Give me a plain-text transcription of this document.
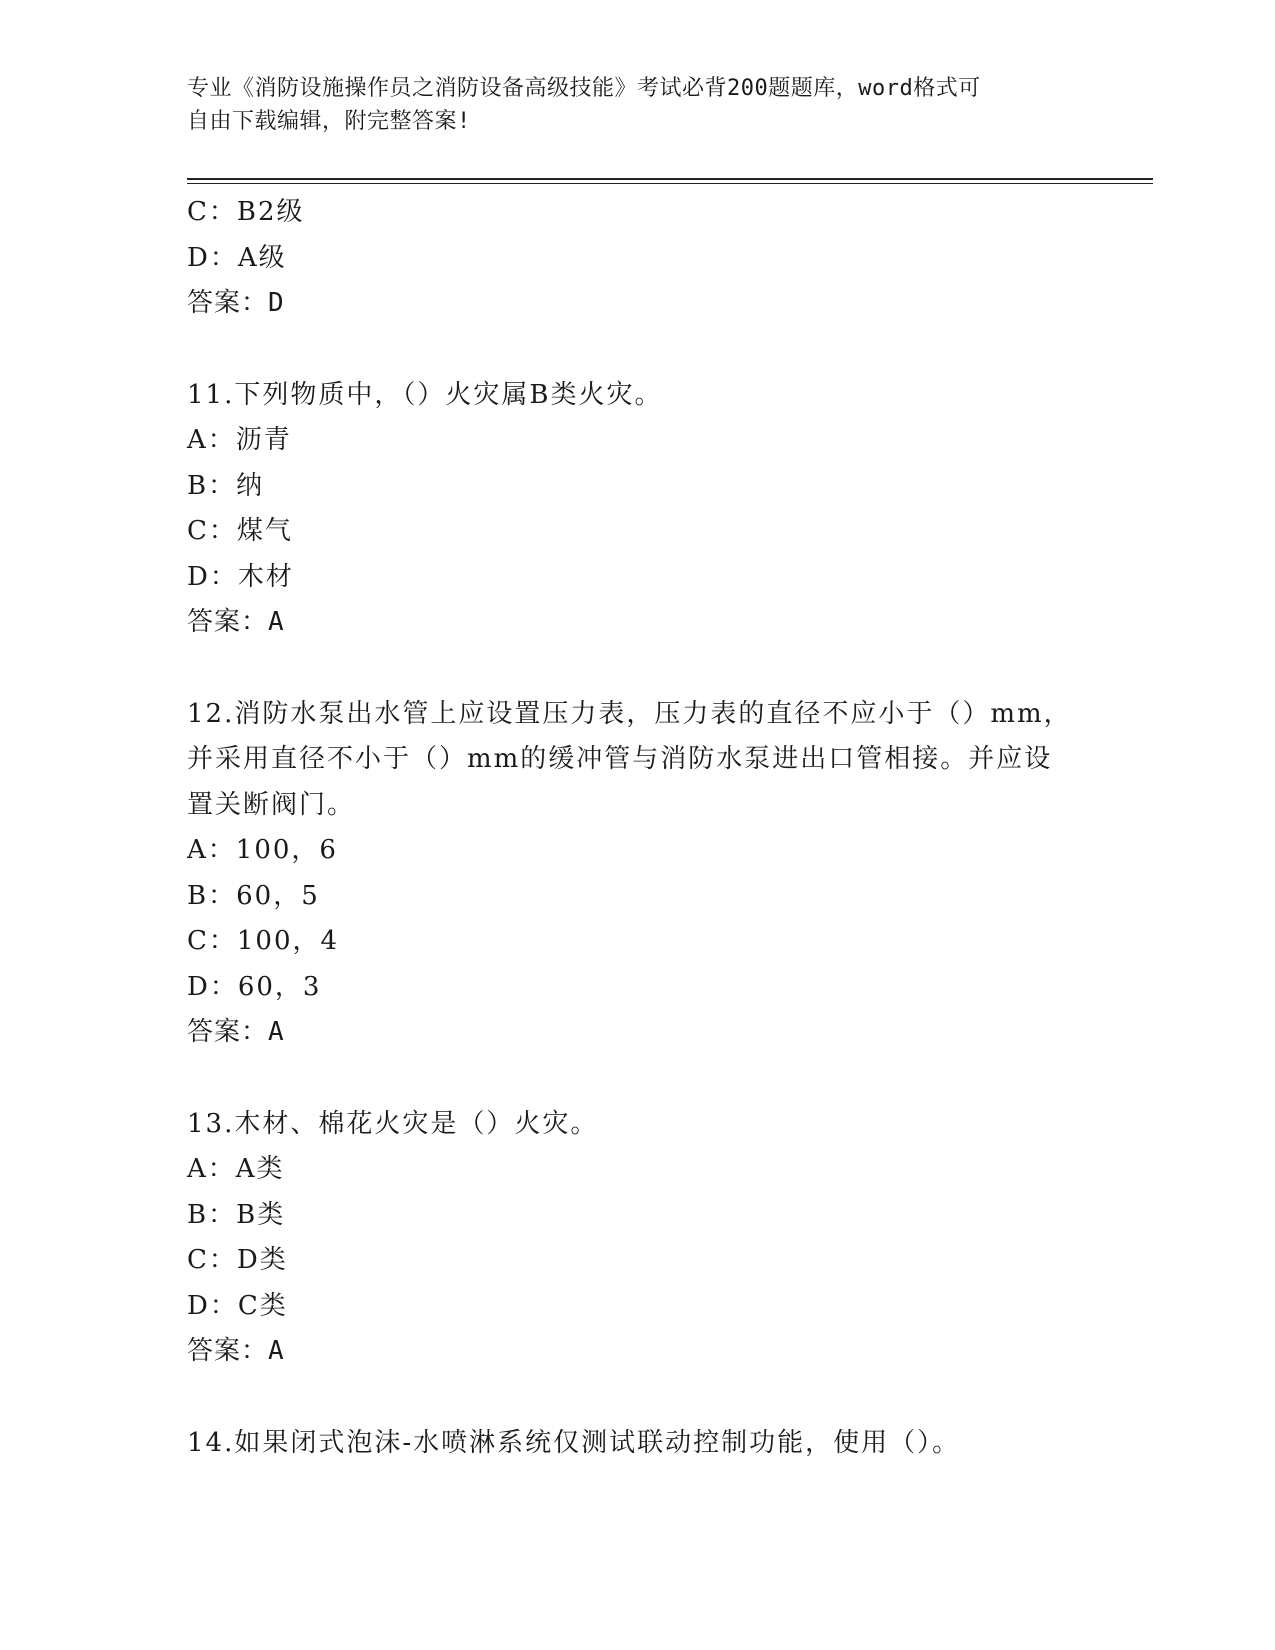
专业《消防设施操作员之消防设备高级技能》考试必背200题题库，word格式可
自由下载编辑，附完整答案!
C：B2级
D：A级
答案：D
11.下列物质中，（）火灾属B类火灾。
A：沥青
B：纳
C：煤气
D：木材
答案：A
12.消防水泵出水管上应设置压力表，压力表的直径不应小于（）mm，
并采用直径不小于（）mm的缓冲管与消防水泵进出口管相接。并应设
置关断阀门。
A：100，6
B：60，5
C：100，4
D：60，3
答案：A
13.木材、棉花火灾是（）火灾。
A：A类
B：B类
C：D类
D：C类
答案：A
14.如果闭式泡沫-水喷淋系统仅测试联动控制功能，使用（）。
